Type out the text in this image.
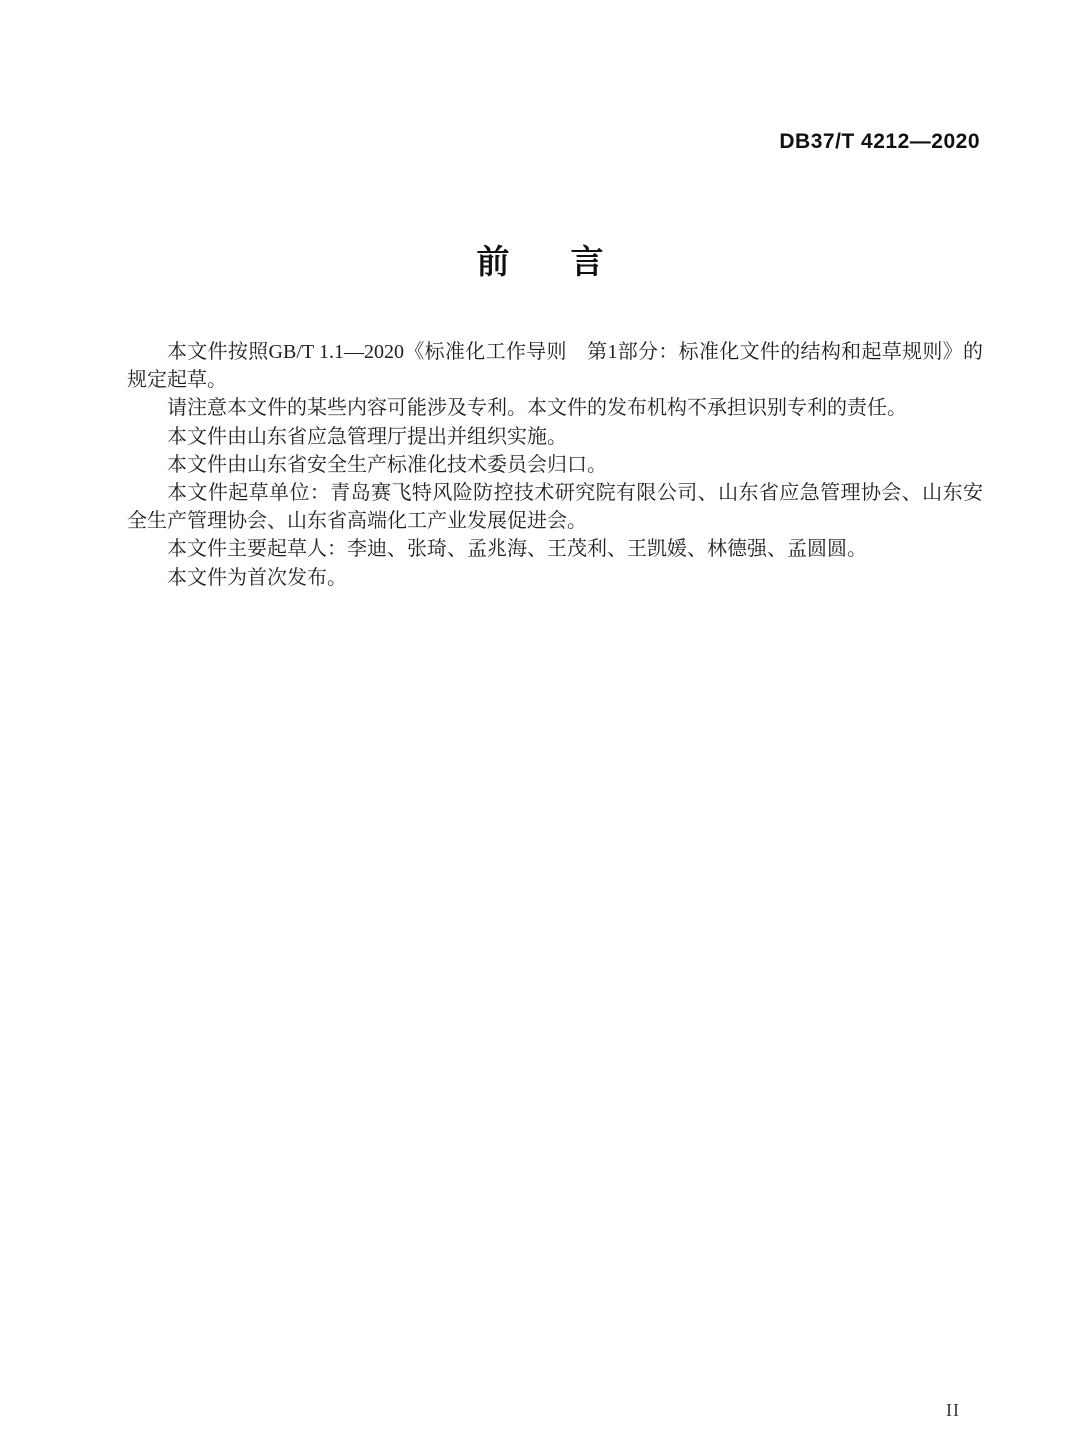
DB37/T 4212—2020
前言

本文件按照GB/T 1.1—2020《标准化工作导则　第1部分：标准化文件的结构和起草规则》的规定起草。

请注意本文件的某些内容可能涉及专利。本文件的发布机构不承担识别专利的责任。

本文件由山东省应急管理厅提出并组织实施。

本文件由山东省安全生产标准化技术委员会归口。

本文件起草单位：青岛赛飞特风险防控技术研究院有限公司、山东省应急管理协会、山东安全生产管理协会、山东省高端化工产业发展促进会。

本文件主要起草人：李迪、张琦、孟兆海、王茂利、王凯媛、林德强、孟圆圆。

本文件为首次发布。

II
